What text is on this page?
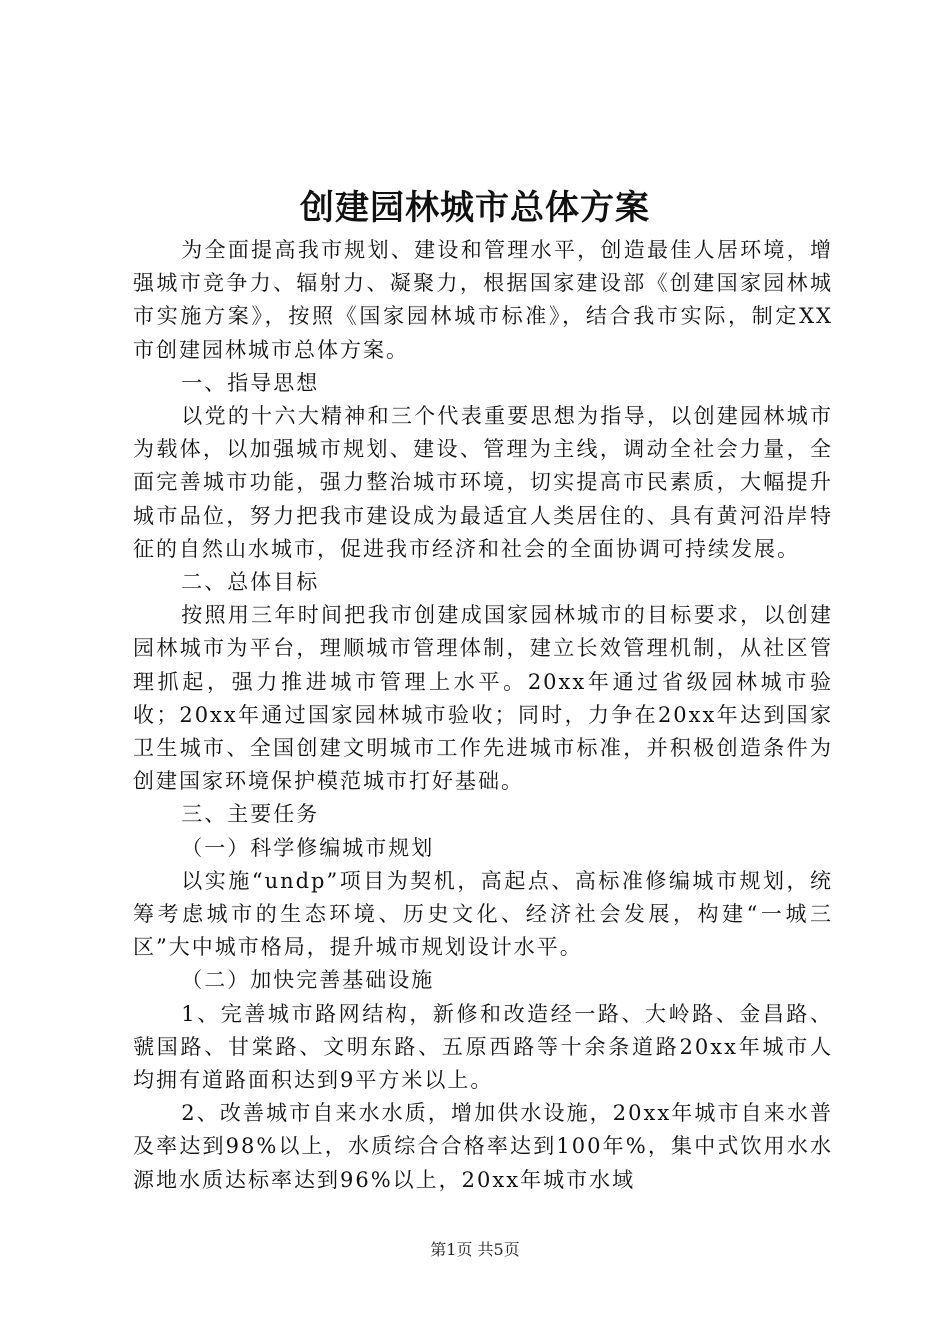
创建园林城市总体方案

为全面提高我市规划、建设和管理水平，创造最佳人居环境，增强城市竞争力、辐射力、凝聚力，根据国家建设部《创建国家园林城市实施方案》，按照《国家园林城市标准》，结合我市实际，制定XX市创建园林城市总体方案。

一、指导思想

以党的十六大精神和三个代表重要思想为指导，以创建园林城市为载体，以加强城市规划、建设、管理为主线，调动全社会力量，全面完善城市功能，强力整治城市环境，切实提高市民素质，大幅提升城市品位，努力把我市建设成为最适宜人类居住的、具有黄河沿岸特征的自然山水城市，促进我市经济和社会的全面协调可持续发展。

二、总体目标

按照用三年时间把我市创建成国家园林城市的目标要求，以创建园林城市为平台，理顺城市管理体制，建立长效管理机制，从社区管理抓起，强力推进城市管理上水平。20xx年通过省级园林城市验收；20xx年通过国家园林城市验收；同时，力争在20xx年达到国家卫生城市、全国创建文明城市工作先进城市标准，并积极创造条件为创建国家环境保护模范城市打好基础。

三、主要任务

（一）科学修编城市规划

以实施“undp”项目为契机，高起点、高标准修编城市规划，统筹考虑城市的生态环境、历史文化、经济社会发展，构建“一城三区”大中城市格局，提升城市规划设计水平。

（二）加快完善基础设施

1、完善城市路网结构，新修和改造经一路、大岭路、金昌路、虢国路、甘棠路、文明东路、五原西路等十余条道路20xx年城市人均拥有道路面积达到9平方米以上。

2、改善城市自来水水质，增加供水设施，20xx年城市自来水普及率达到98%以上，水质综合合格率达到100年%，集中式饮用水水源地水质达标率达到96%以上，20xx年城市水域

第1页 共5页
